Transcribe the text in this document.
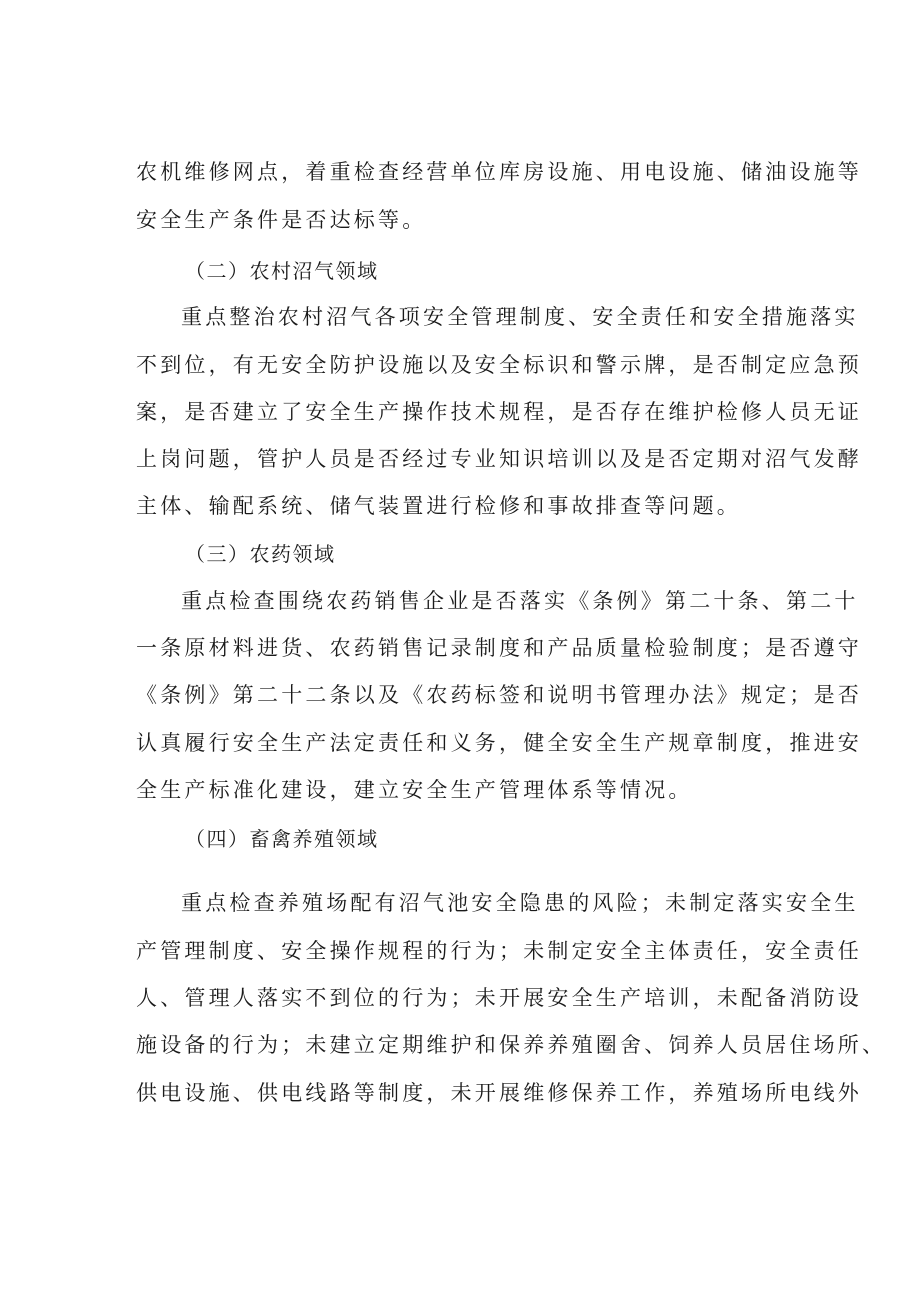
农机维修网点，着重检查经营单位库房设施、用电设施、储油设施等
安全生产条件是否达标等。
（二）农村沼气领域
重点整治农村沼气各项安全管理制度、安全责任和安全措施落实
不到位，有无安全防护设施以及安全标识和警示牌，是否制定应急预
案，是否建立了安全生产操作技术规程，是否存在维护检修人员无证
上岗问题，管护人员是否经过专业知识培训以及是否定期对沼气发酵
主体、输配系统、储气装置进行检修和事故排查等问题。
（三）农药领域
重点检查围绕农药销售企业是否落实《条例》第二十条、第二十
一条原材料进货、农药销售记录制度和产品质量检验制度；是否遵守
《条例》第二十二条以及《农药标签和说明书管理办法》规定；是否
认真履行安全生产法定责任和义务，健全安全生产规章制度，推进安
全生产标准化建设，建立安全生产管理体系等情况。
（四）畜禽养殖领域
重点检查养殖场配有沼气池安全隐患的风险；未制定落实安全生
产管理制度、安全操作规程的行为；未制定安全主体责任，安全责任
人、管理人落实不到位的行为；未开展安全生产培训，未配备消防设
施设备的行为；未建立定期维护和保养养殖圈舍、饲养人员居住场所、
供电设施、供电线路等制度，未开展维修保养工作，养殖场所电线外
